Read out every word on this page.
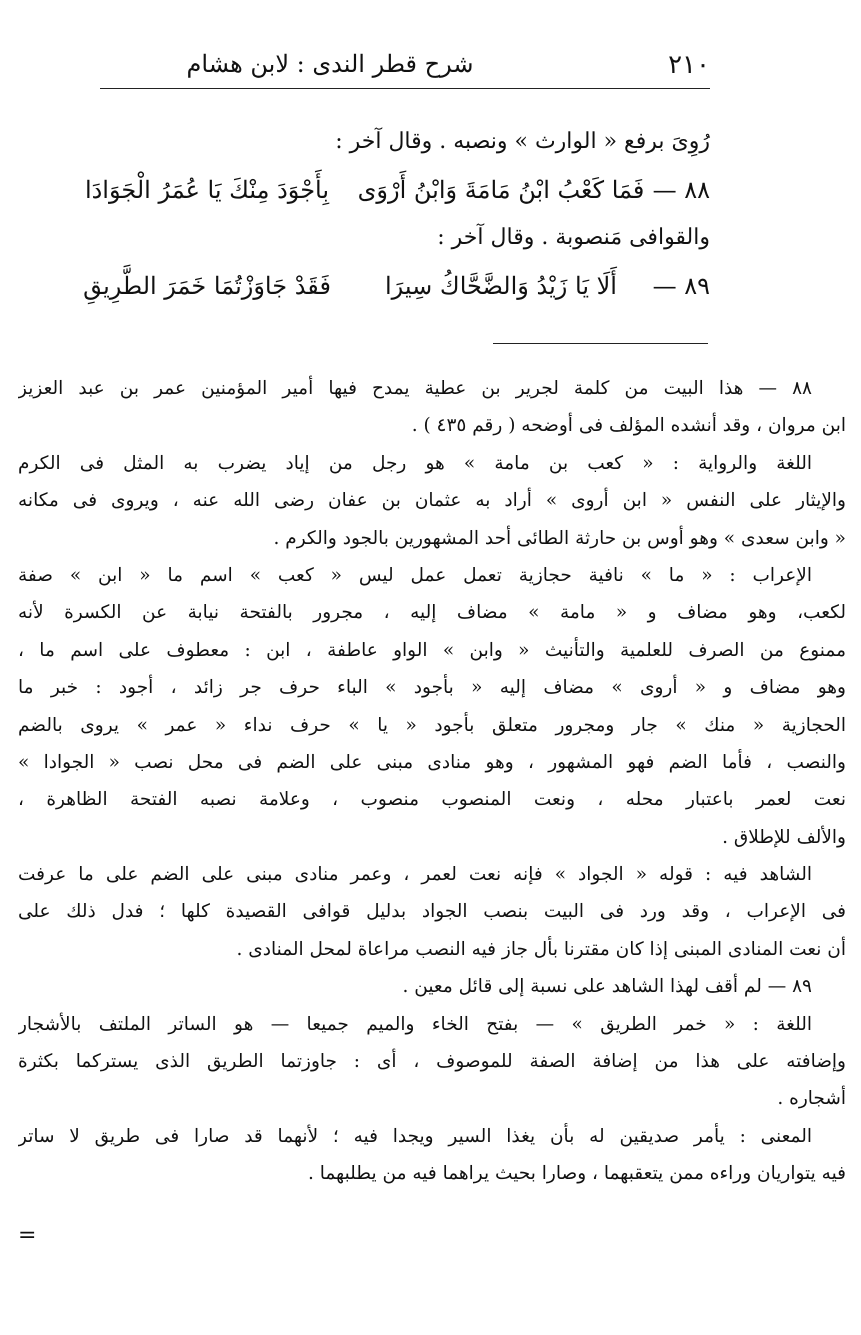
٢١٠
شرح قطر الندى : لابن هشام
رُوِىَ برفع « الوارث » ونصبه . وقال آخر :
٨٨ —
فَمَا كَعْبُ ابْنُ مَامَةَ وَابْنُ أَرْوَى
بِأَجْوَدَ مِنْكَ يَا عُمَرُ الْجَوَادَا
والقوافى مَنصوبة . وقال آخر :
٨٩ —
أَلَا يَا زَيْدُ وَالضَّحَّاكُ سِيرَا
فَقَدْ جَاوَزْتُمَا خَمَرَ الطَّرِيقِ
٨٨ — هذا البيت من كلمة لجرير بن عطية يمدح فيها أمير المؤمنين عمر بن عبد العزيز
ابن مروان ، وقد أنشده المؤلف فى أوضحه ( رقم ٤٣٥ ) .
اللغة والرواية : « كعب بن مامة » هو رجل من إياد يضرب به المثل فى الكرم
والإيثار على النفس « ابن أروى » أراد به عثمان بن عفان رضى الله عنه ، ويروى فى مكانه
« وابن سعدى » وهو أوس بن حارثة الطائى أحد المشهورين بالجود والكرم .
الإعراب : « ما » نافية حجازية تعمل عمل ليس « كعب » اسم ما « ابن » صفة
لكعب، وهو مضاف و « مامة » مضاف إليه ، مجرور بالفتحة نيابة عن الكسرة لأنه
ممنوع من الصرف للعلمية والتأنيث « وابن » الواو عاطفة ، ابن : معطوف على اسم ما ،
وهو مضاف و « أروى » مضاف إليه « بأجود » الباء حرف جر زائد ، أجود : خبر ما
الحجازية « منك » جار ومجرور متعلق بأجود « يا » حرف نداء « عمر » يروى بالضم
والنصب ، فأما الضم فهو المشهور ، وهو منادى مبنى على الضم فى محل نصب « الجوادا »
نعت لعمر باعتبار محله ، ونعت المنصوب منصوب ، وعلامة نصبه الفتحة الظاهرة ،
والألف للإطلاق .
الشاهد فيه : قوله « الجواد » فإنه نعت لعمر ، وعمر منادى مبنى على الضم على ما عرفت
فى الإعراب ، وقد ورد فى البيت بنصب الجواد بدليل قوافى القصيدة كلها ؛ فدل ذلك على
أن نعت المنادى المبنى إذا كان مقترنا بأل جاز فيه النصب مراعاة لمحل المنادى .
٨٩ — لم أقف لهذا الشاهد على نسبة إلى قائل معين .
اللغة : « خمر الطريق » — بفتح الخاء والميم جميعا — هو الساتر الملتف بالأشجار
وإضافته على هذا من إضافة الصفة للموصوف ، أى : جاوزتما الطريق الذى يستركما بكثرة
أشجاره .
المعنى : يأمر صديقين له بأن يغذا السير ويجدا فيه ؛ لأنهما قد صارا فى طريق لا ساتر
فيه يتواريان وراءه ممن يتعقبهما ، وصارا بحيث يراهما فيه من يطلبهما .
=
